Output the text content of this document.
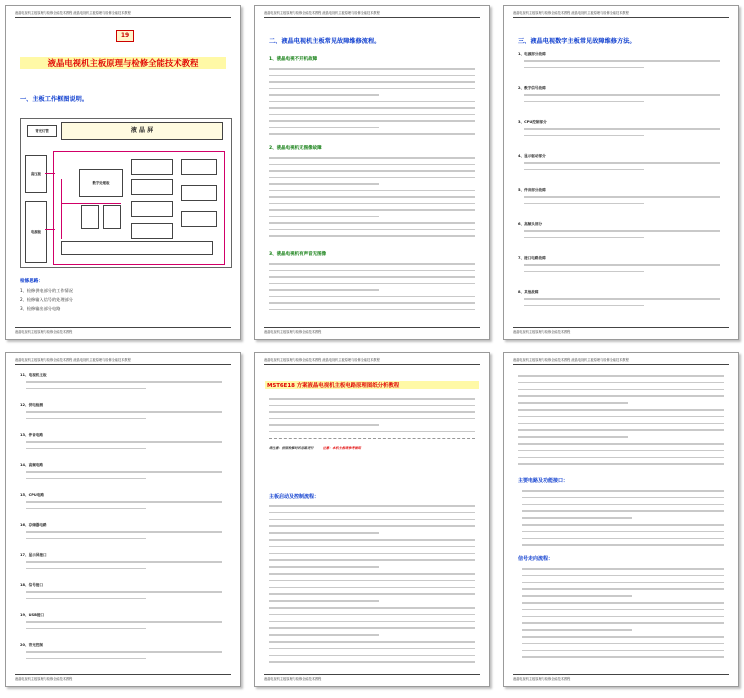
液晶电视机主板原理与检修全能技术教程 液晶电视机主板原理与检修全能技术教程
19
液晶电视机主板原理与检修全能技术教程
一、主板工作框图说明。
背光灯管	液 晶 屏
高压板
电源板
数字处理板
检修思路：
1、检修供电部分的工作情况
2、检修输入信号的处理部分
3、检修输出部分电路
液晶电视机主板原理与检修全能技术教程
液晶电视机主板原理与检修全能技术教程 液晶电视机主板原理与检修全能技术教程
二、液晶电视机主板常见故障维修流程。
1、液晶电视不开机故障
2、液晶电视机无图像故障
3、液晶电视机有声音无图像
液晶电视机主板原理与检修全能技术教程
液晶电视机主板原理与检修全能技术教程 液晶电视机主板原理与检修全能技术教程
三、液晶电视数字主板常见故障维修方法。
液晶电视机主板原理与检修全能技术教程
1、电源部分故障
2、数字信号故障
3、CPU控制部分
4、显示驱动部分
5、伴音部分故障
6、高频头部分
7、接口电路故障
8、其他故障
液晶电视机主板原理与检修全能技术教程 液晶电视机主板原理与检修全能技术教程
液晶电视机主板原理与检修全能技术教程
11、电视机主板
12、供电检测
13、伴音电路
14、高频电路
15、CPU电路
16、存储器电路
17、显示屏接口
18、信号接口
19、USB接口
20、背光控制
液晶电视机主板原理与检修全能技术教程 液晶电视机主板原理与检修全能技术教程
MST6E18 方案液晶电视机主板电路原理图纸分析教程
请注意：按照检修时的思路进行	注意：本机主板请参考图纸
主板启动及控制流程：
液晶电视机主板原理与检修全能技术教程
液晶电视机主板原理与检修全能技术教程 液晶电视机主板原理与检修全能技术教程
主要电路及功能接口：
信号走向流程：
液晶电视机主板原理与检修全能技术教程
